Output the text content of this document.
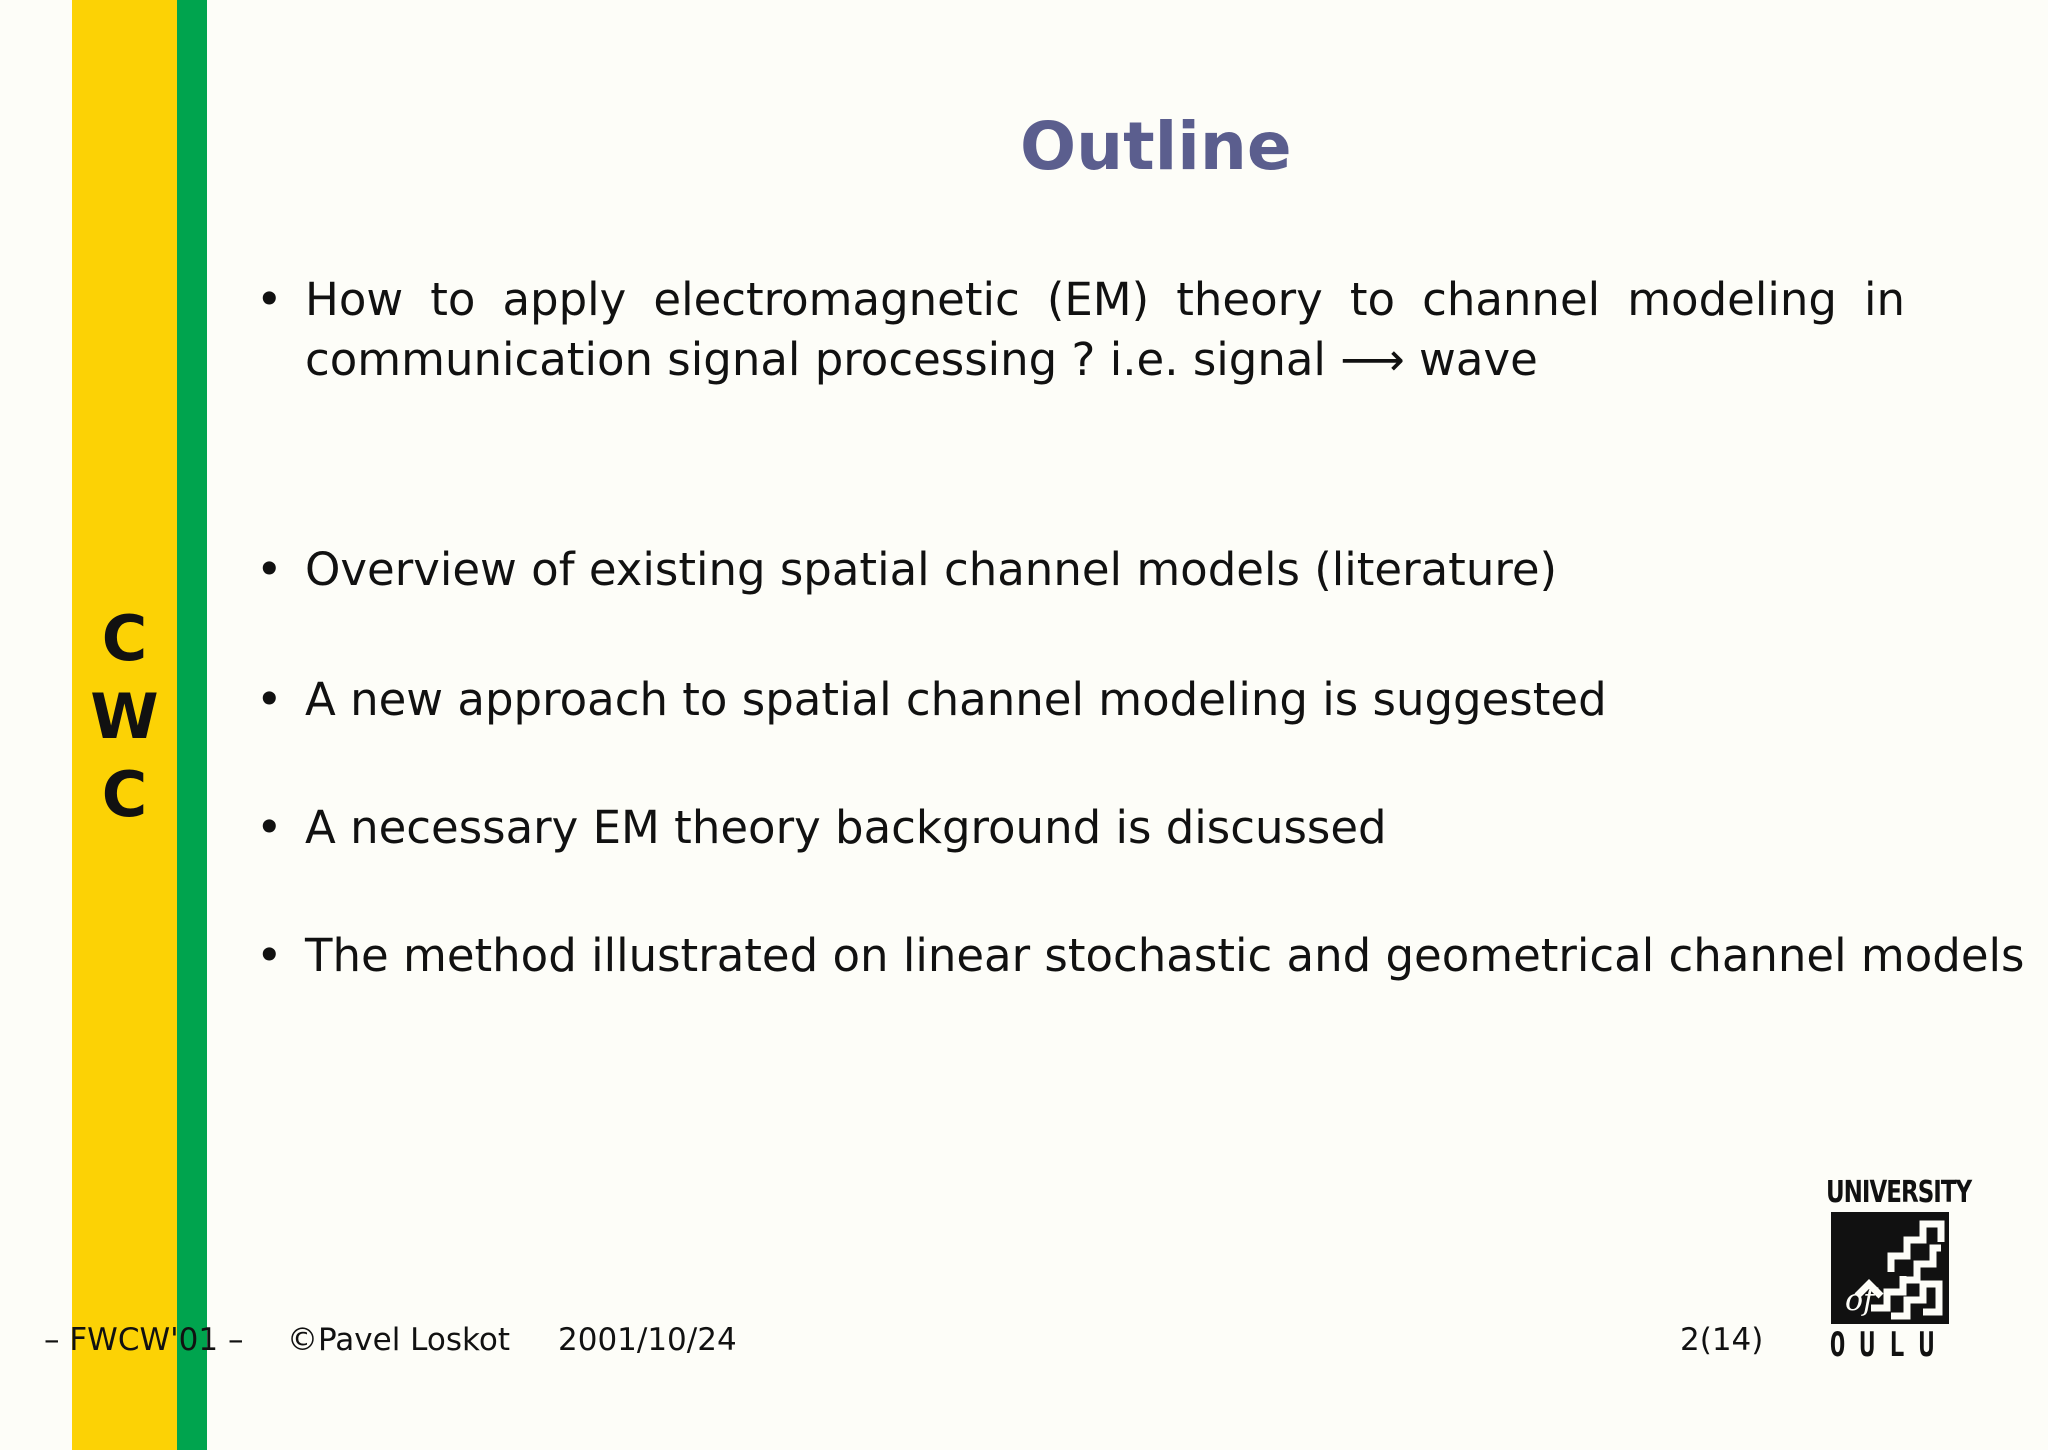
C
W
C
Outline
• How to apply electromagnetic (EM) theory to channel modeling in
communication signal processing ? i.e. signal ⟶ wave
• Overview of existing spatial channel models (literature)
• A new approach to spatial channel modeling is suggested
• A necessary EM theory background is discussed
• The method illustrated on linear stochastic and geometrical channel models
– FWCW'01 – ©Pavel Loskot 2001/10/24	2(14)
UNIVERSITY
of
OULU
